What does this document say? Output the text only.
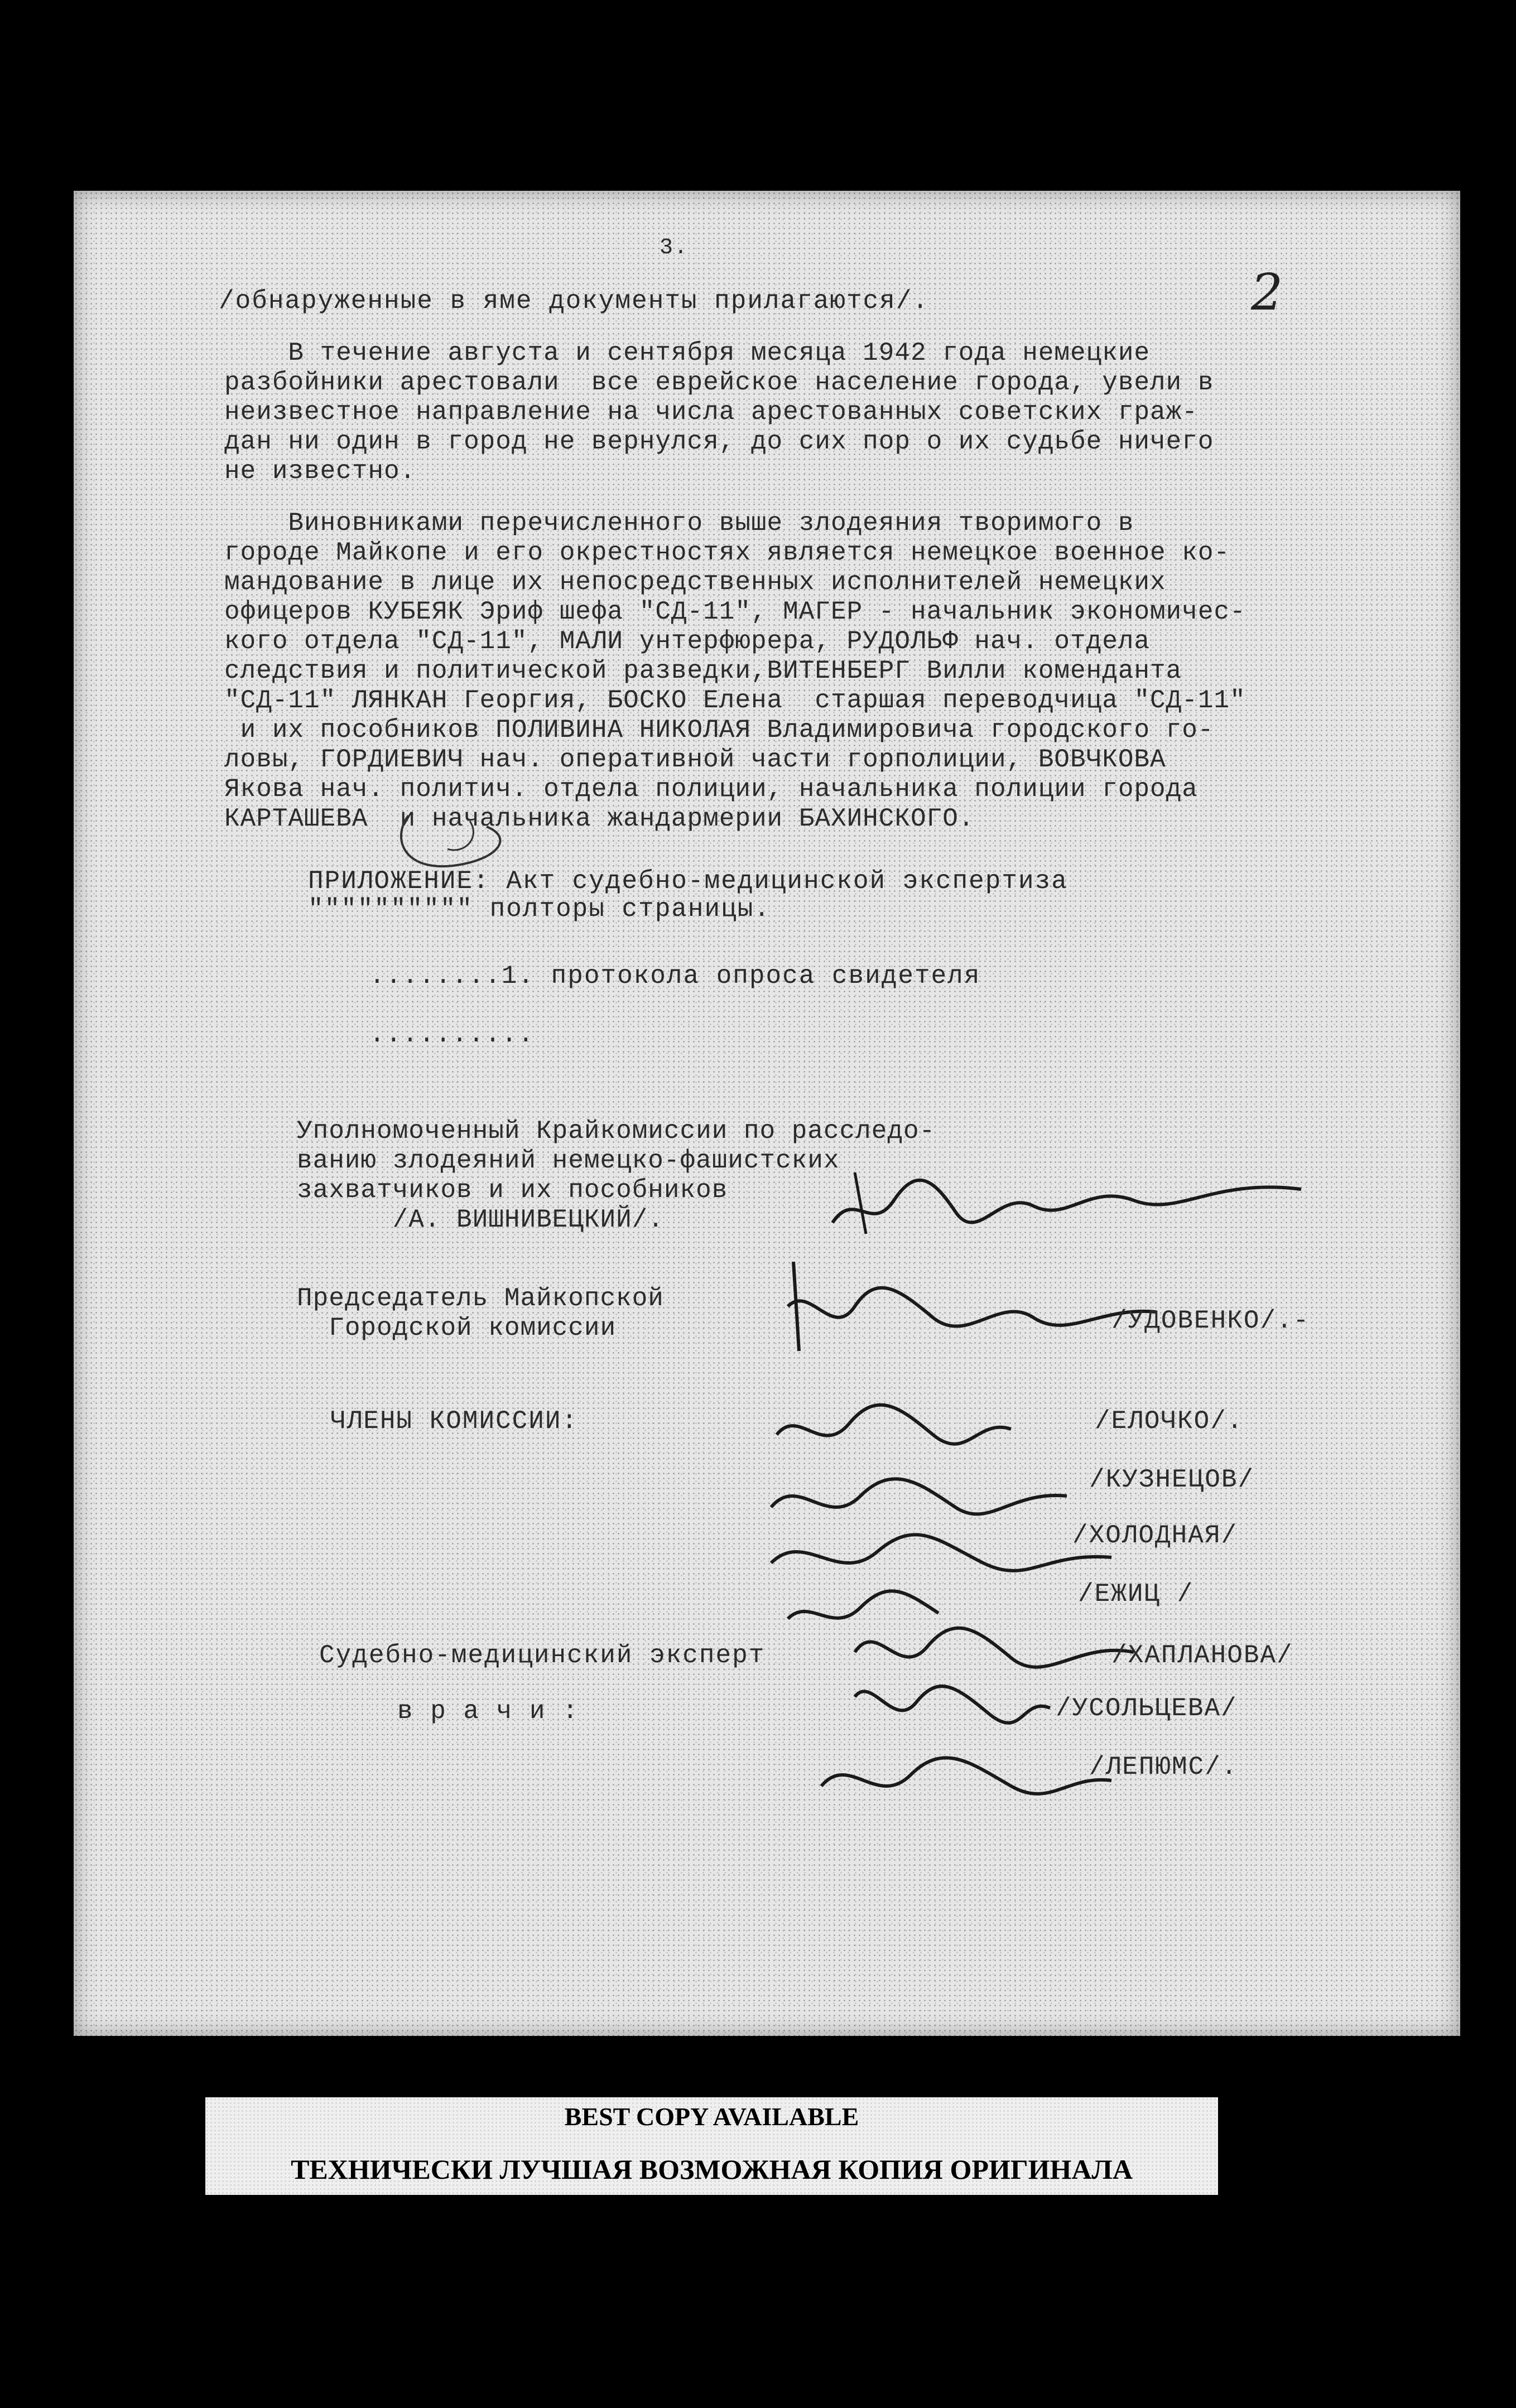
3.
2
/обнаруженные в яме документы прилагаются/.
В течение августа и сентября месяца 1942 года немецкие
разбойники арестовали  все еврейское население города, увели в
неизвестное направление на числа арестованных советских граж-
дан ни один в город не вернулся, до сих пор о их судьбе ничего
не известно.
Виновниками перечисленного выше злодеяния творимого в
городе Майкопе и его окрестностях является немецкое военное ко-
мандование в лице их непосредственных исполнителей немецких
офицеров КУБЕЯК Эриф шефа "СД-11", МАГЕР - начальник экономичес-
кого отдела "СД-11", МАЛИ унтерфюрера, РУДОЛЬФ нач. отдела
следствия и политической разведки,ВИТЕНБЕРГ Вилли коменданта
"СД-11" ЛЯНКАН Георгия, БОСКО Елена  старшая переводчица "СД-11"
и их пособников ПОЛИВИНА НИКОЛАЯ Владимировича городского го-
ловы, ГОРДИЕВИЧ нач. оперативной части горполиции, ВОВЧКОВА
Якова нач. политич. отдела полиции, начальника полиции города
КАРТАШЕВА  и начальника жандармерии БАХИНСКОГО.
ПРИЛОЖЕНИЕ: Акт судебно-медицинской экспертиза
"""""""""" полторы страницы.
........1. протокола опроса свидетеля
..........
Уполномоченный Крайкомиссии по расследо-
ванию злодеяний немецко-фашистских
захватчиков и их пособников
/А. ВИШНИВЕЦКИЙ/.
Председатель Майкопской
Городской комиссии	/УДОВЕНКО/.-
ЧЛЕНЫ КОМИССИИ:	/ЕЛОЧКО/.
/КУЗНЕЦОВ/
/ХОЛОДНАЯ/
/ЕЖИЦ /
Судебно-медицинский эксперт	/ХАПЛАНОВА/
в р а ч и :	/УСОЛЬЦЕВА/
/ЛЕПЮМС/.
BEST COPY AVAILABLE
ТЕХНИЧЕСКИ ЛУЧШАЯ ВОЗМОЖНАЯ КОПИЯ ОРИГИНАЛА
